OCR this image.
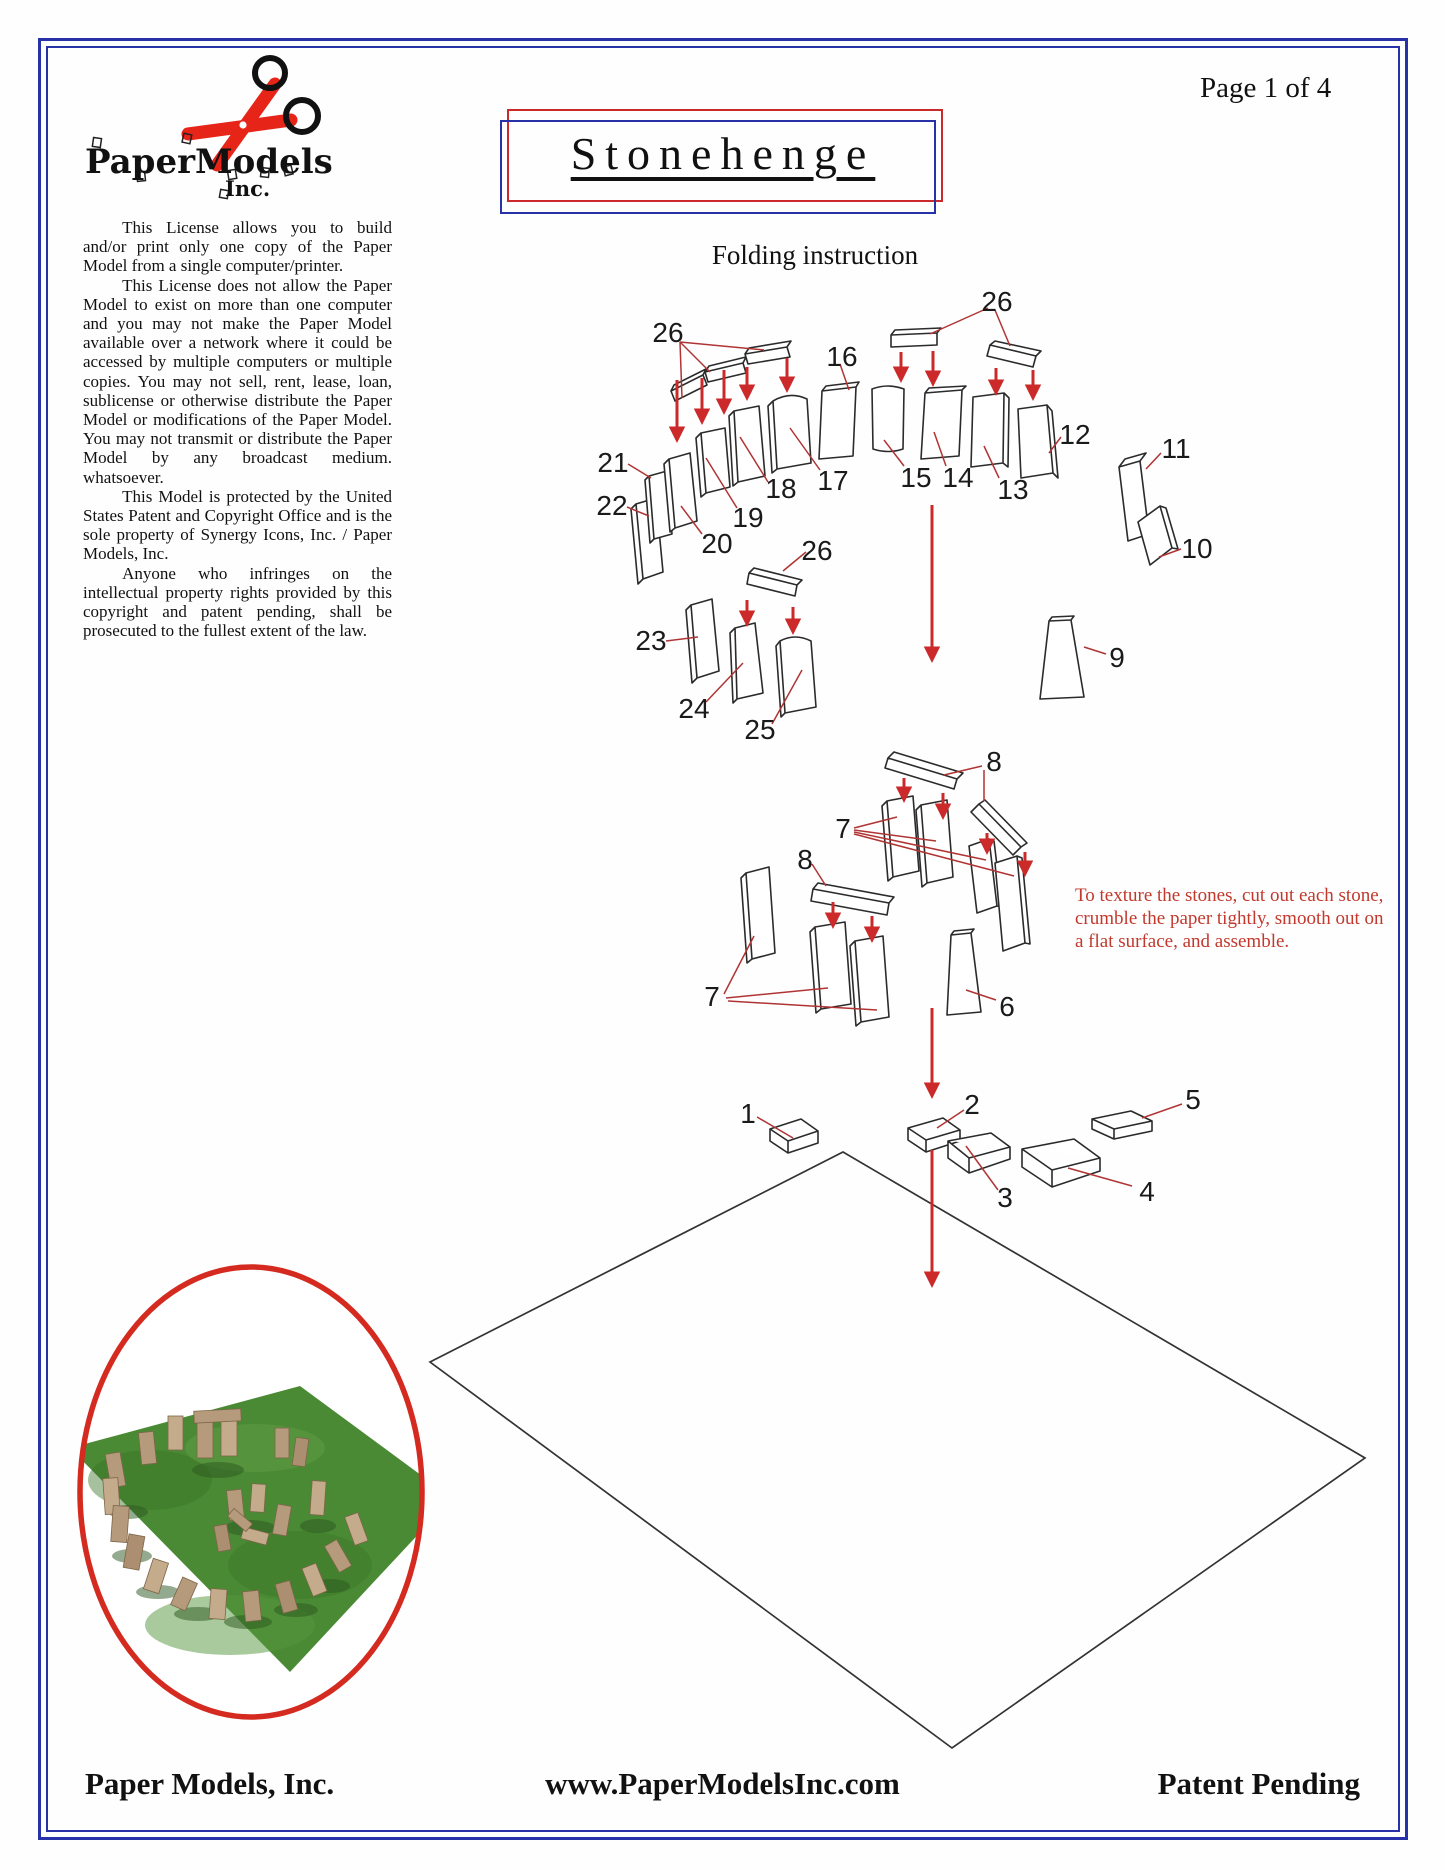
PaperModels
Inc.
Stonehenge
Page 1 of 4

This License allows you to build and/or print only one copy of the Paper Model from a single computer/printer.

This License does not allow the Paper Model to exist on more than one computer and you may not make the Paper Model available over a network where it could be accessed by multiple computers or multiple copies. You may not sell, rent, lease, loan, sublicense or otherwise distribute the Paper Model or modifications of the Paper Model. You may not transmit or distribute the Paper Model by any broadcast medium. whatsoever.

This Model is protected by the United States Patent and Copyright Office and is the sole property of Synergy Icons, Inc. / Paper Models, Inc.

Anyone who infringes on the intellectual property rights provided by this copyright and patent pending, shall be prosecuted to the fullest extent of the law.

Folding instruction
26
16
26
21
22
18 17
19
20
15 14 13
12	11
10
23
24
25
26
9
8
7
8
7	6
1	2
3	4
5
To texture the stones, cut out each stone, crumble the paper tightly, smooth out on a flat surface, and assemble.
Paper Models, Inc.	www.PaperModelsInc.com	Patent Pending
